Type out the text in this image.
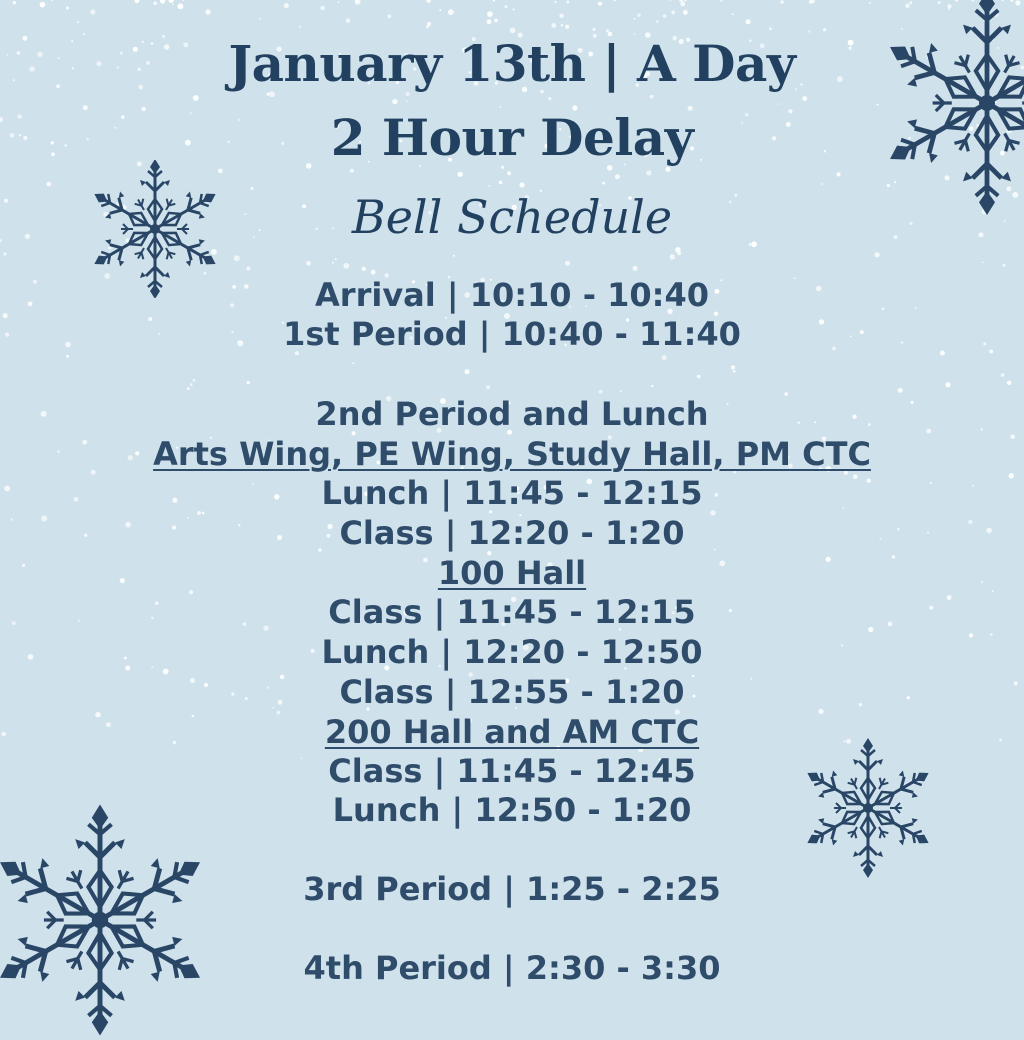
January 13th | A Day
2 Hour Delay
Bell Schedule
Arrival | 10:10 - 10:40
1st Period | 10:40 - 11:40
2nd Period and Lunch
Arts Wing, PE Wing, Study Hall, PM CTC
Lunch | 11:45 - 12:15
Class | 12:20 - 1:20
100 Hall
Class | 11:45 - 12:15
Lunch | 12:20 - 12:50
Class | 12:55 - 1:20
200 Hall and AM CTC
Class | 11:45 - 12:45
Lunch | 12:50 - 1:20
3rd Period | 1:25 - 2:25
4th Period | 2:30 - 3:30
